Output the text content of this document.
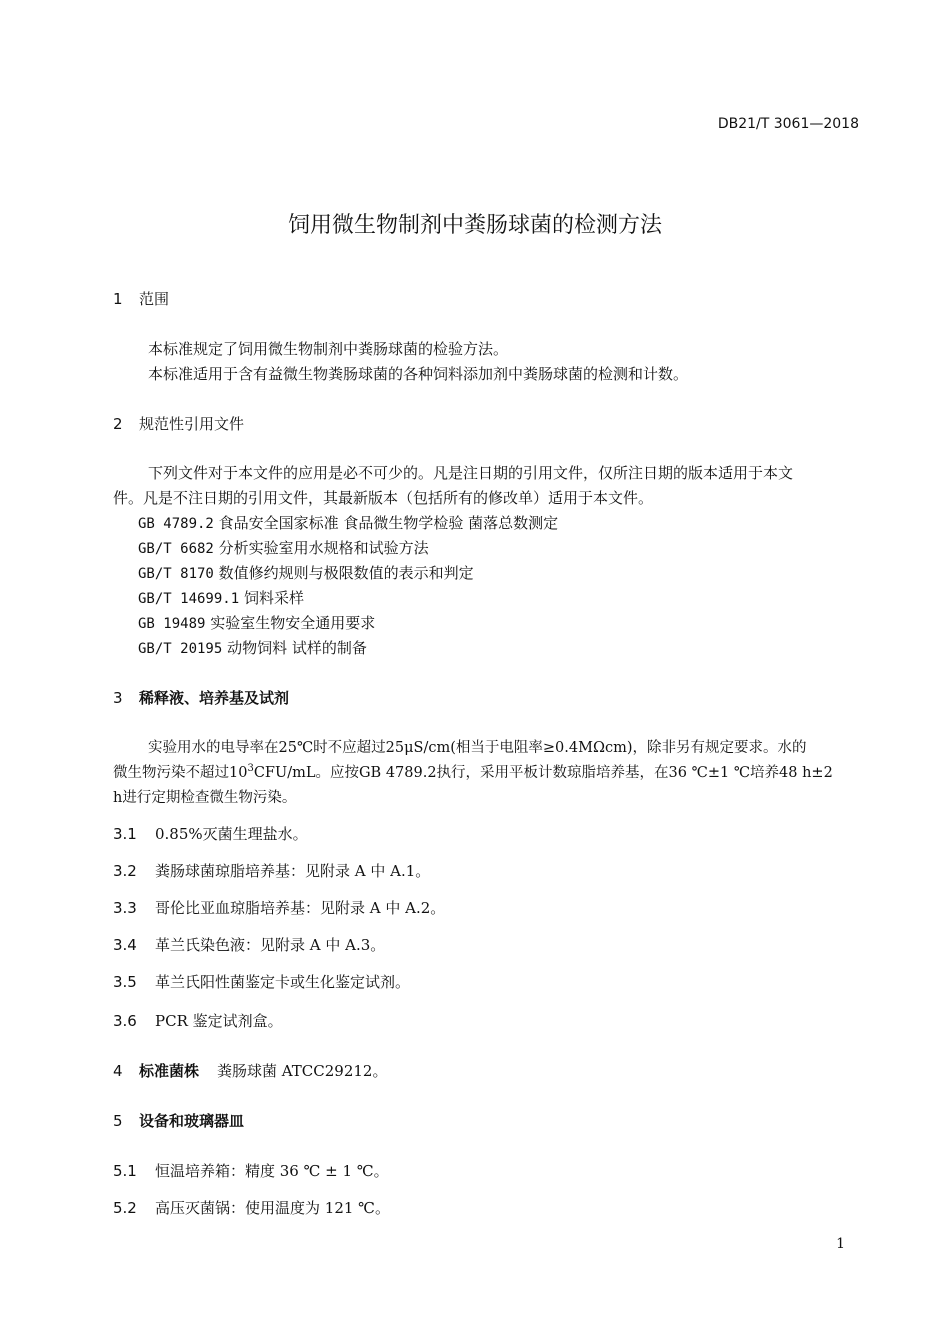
DB21/T 3061—2018
饲用微生物制剂中粪肠球菌的检测方法
1 范围
本标准规定了饲用微生物制剂中粪肠球菌的检验方法。
本标准适用于含有益微生物粪肠球菌的各种饲料添加剂中粪肠球菌的检测和计数。
2 规范性引用文件
下列文件对于本文件的应用是必不可少的。凡是注日期的引用文件，仅所注日期的版本适用于本文
件。凡是不注日期的引用文件，其最新版本（包括所有的修改单）适用于本文件。
GB 4789.2 食品安全国家标准 食品微生物学检验 菌落总数测定
GB/T 6682 分析实验室用水规格和试验方法
GB/T 8170 数值修约规则与极限数值的表示和判定
GB/T 14699.1 饲料采样
GB 19489 实验室生物安全通用要求
GB/T 20195 动物饲料 试样的制备
3 稀释液、培养基及试剂
实验用水的电导率在25℃时不应超过25μS/cm(相当于电阻率≥0.4MΩcm)，除非另有规定要求。水的
微生物污染不超过$10^3CFU/mL$。应按GB 4789.2执行，采用平板计数琼脂培养基，在36 ℃±1 ℃培养48 h±2
h进行定期检查微生物污染。
3.1 0.85%灭菌生理盐水。
3.2 粪肠球菌琼脂培养基：见附录 A 中 A.1。
3.3 哥伦比亚血琼脂培养基：见附录 A 中 A.2。
3.4 革兰氏染色液：见附录 A 中 A.3。
3.5 革兰氏阳性菌鉴定卡或生化鉴定试剂。
3.6 PCR 鉴定试剂盒。
4 标准菌株 粪肠球菌 ATCC29212。
5 设备和玻璃器皿
5.1 恒温培养箱：精度 36 ℃ ± 1 ℃。
5.2 高压灭菌锅：使用温度为 121 ℃。
1
